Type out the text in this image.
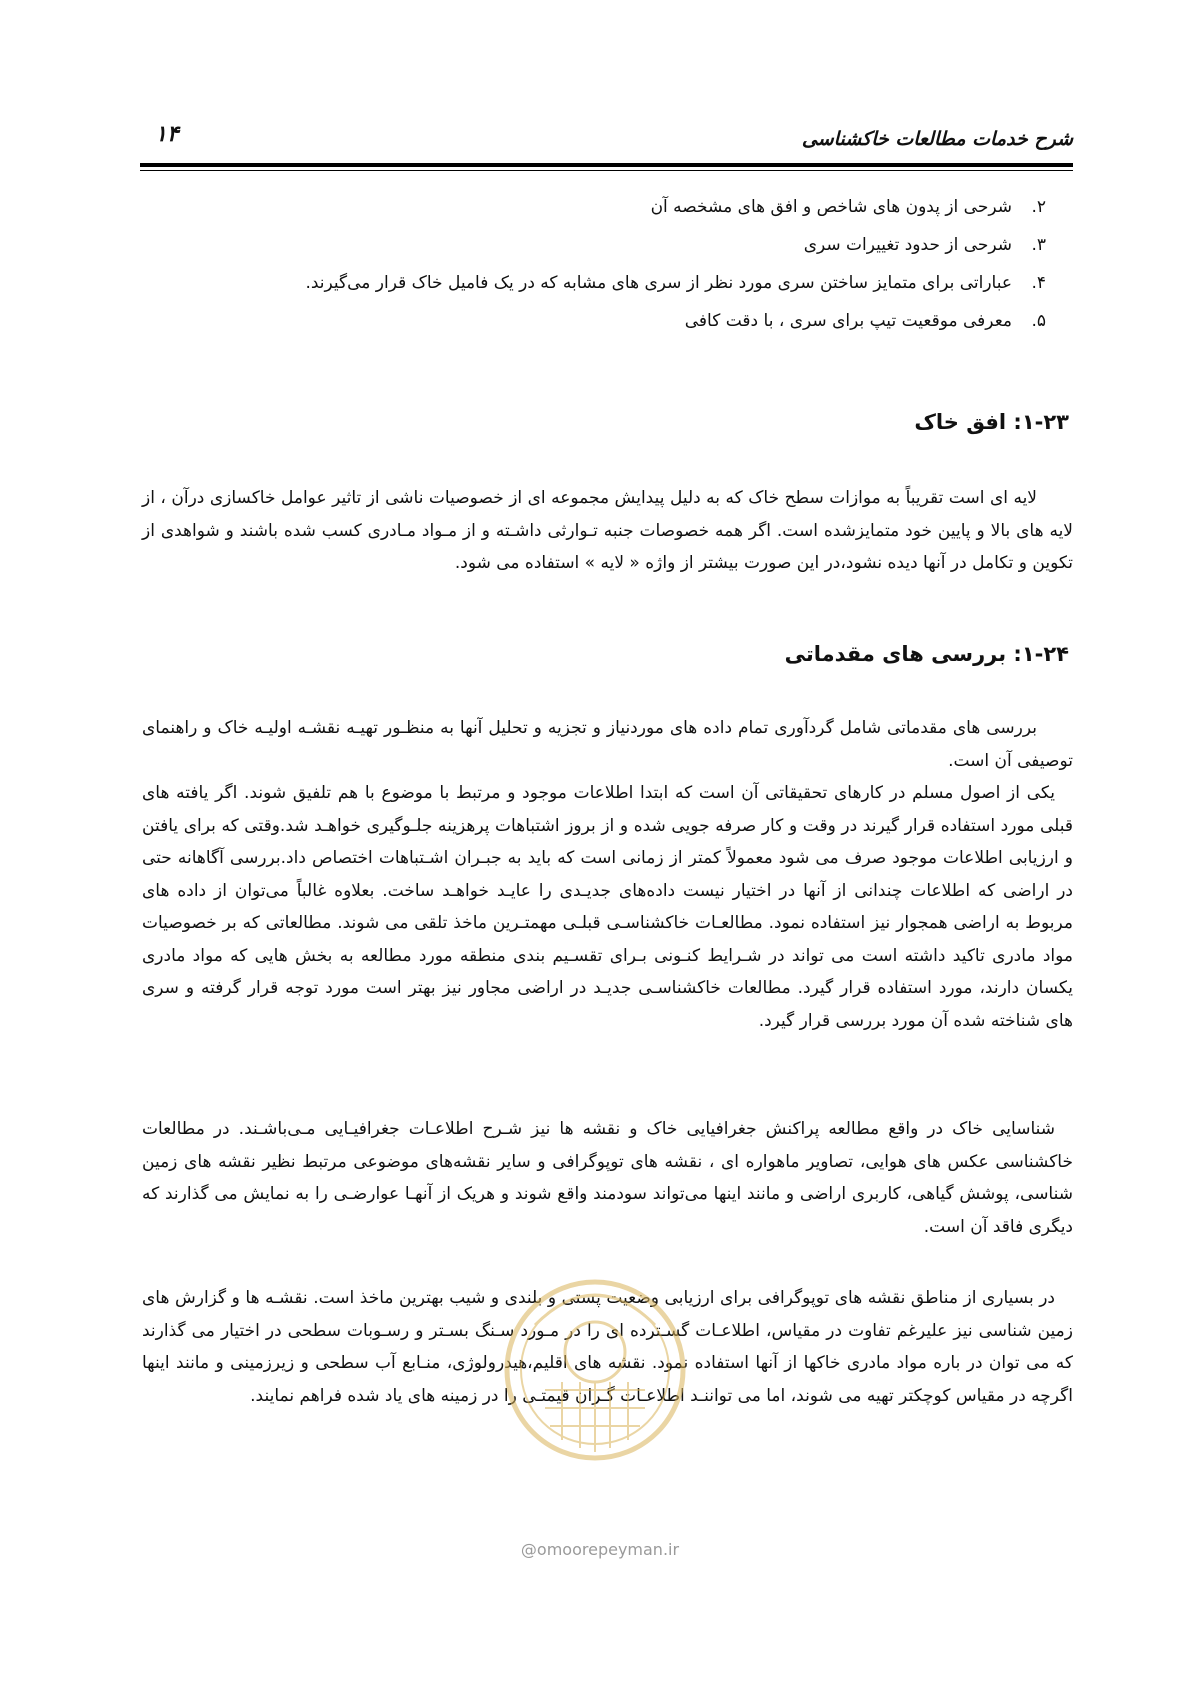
شرح خدمات مطالعات خاکشناسی
۱۴
۲.
شرحی از پدون های شاخص و افق های مشخصه آن
۳.
شرحی از حدود تغییرات سری
۴.
عباراتی برای متمایز ساختن سری مورد نظر از سری های مشابه که در یک فامیل خاک قرار می‌گیرند.
۵.
معرفی موقعیت تیپ برای سری ، با دقت کافی
۱-۲۳: افق خاک

لایه ای است تقریباً به موازات سطح خاک که به دلیل پیدایش مجموعه ای از خصوصیات ناشی از تاثیر عوامل خاکسازی درآن ، از لایه های بالا و پایین خود متمایزشده است. اگر همه خصوصات جنبه تـوارثی داشـته و از مـواد مـادری کسب شده باشند و شواهدی از تکوین و تکامل در آنها دیده نشود،در این صورت بیشتر از واژه « لایه » استفاده می شود.

۱-۲۴: بررسی های مقدماتی

بررسی های مقدماتی شامل گردآوری تمام داده های موردنیاز و تجزیه و تحلیل آنها به منظـور تهیـه نقشـه اولیـه خاک و راهنمای توصیفی آن است.

یکی از اصول مسلم در کارهای تحقیقاتی آن است که ابتدا اطلاعات موجود و مرتبط با موضوع با هم تلفیق شوند. اگر یافته های قبلی مورد استفاده قرار گیرند در وقت و کار صرفه جویی شده و از بروز اشتباهات پرهزینه جلـوگیری خواهـد شد.وقتی که برای یافتن و ارزیابی اطلاعات موجود صرف می شود معمولاً کمتر از زمانی است که باید به جبـران اشـتباهات اختصاص داد.بررسی آگاهانه حتی در اراضی که اطلاعات چندانی از آنها در اختیار نیست داده‌های جدیـدی را عایـد خواهـد ساخت. بعلاوه غالباً می‌توان از داده های مربوط به اراضی همجوار نیز استفاده نمود. مطالعـات خاکشناسـی قبلـی مهمتـرین ماخذ تلقی می شوند. مطالعاتی که بر خصوصیات مواد مادری تاکید داشته است می تواند در شـرایط کنـونی بـرای تقسـیم بندی منطقه مورد مطالعه به بخش هایی که مواد مادری یکسان دارند، مورد استفاده قرار گیرد. مطالعات خاکشناسـی جدیـد در اراضی مجاور نیز بهتر است مورد توجه قرار گرفته و سری های شناخته شده آن مورد بررسی قرار گیرد.

شناسایی خاک در واقع مطالعه پراکنش جغرافیایی خاک و نقشه ها نیز شـرح اطلاعـات جغرافیـایی مـی‌باشـند. در مطالعات خاکشناسی عکس های هوایی، تصاویر ماهواره ای ، نقشه های توپوگرافی و سایر نقشه‌های موضوعی مرتبط نظیر نقشه های زمین شناسی، پوشش گیاهی، کاربری اراضی و مانند اینها می‌تواند سودمند واقع شوند و هریک از آنهـا عوارضـی را به نمایش می گذارند که دیگری فاقد آن است.

در بسیاری از مناطق نقشه های توپوگرافی برای ارزیابی وضعیت پستی و بلندی و شیب بهترین ماخذ است. نقشـه ها و گزارش های زمین شناسی نیز علیرغم تفاوت در مقیاس، اطلاعـات گسـترده ای را در مـورد سـنگ بسـتر و رسـوبات سطحی در اختیار می گذارند که می توان در باره مواد مادری خاکها از آنها استفاده نمود. نقشه های اقلیم،هیدرولوژی، منـابع آب سطحی و زیرزمینی و مانند اینها اگرچه در مقیاس کوچکتر تهیه می شوند، اما می تواننـد اطلاعـات گـران قیمتـی را در زمینه های یاد شده فراهم نمایند.

@omoorepeyman.ir
